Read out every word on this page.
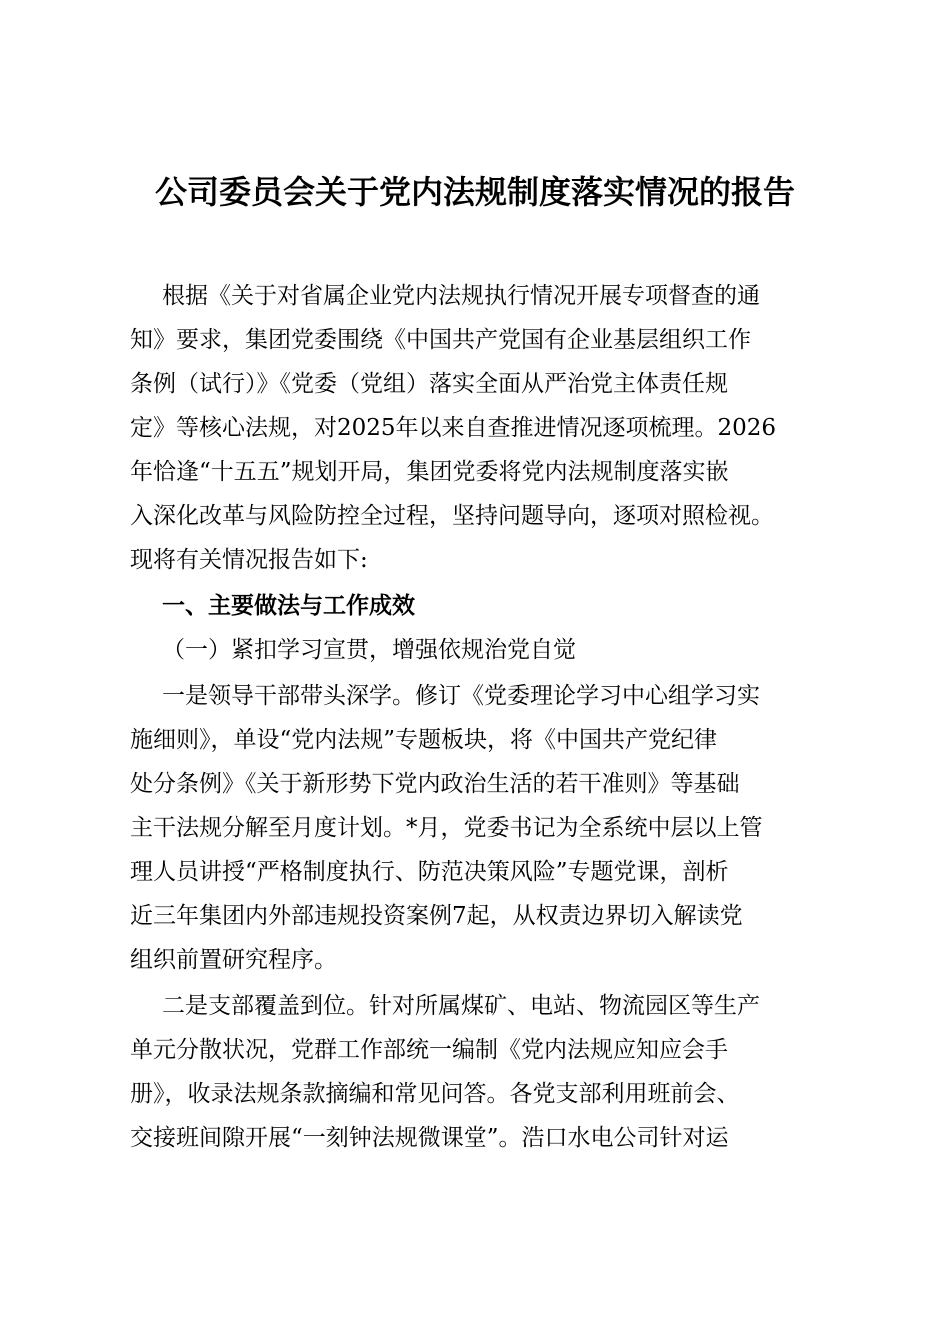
公司委员会关于党内法规制度落实情况的报告
根据《关于对省属企业党内法规执行情况开展专项督查的通
知》要求，集团党委围绕《中国共产党国有企业基层组织工作
条例（试行）》《党委（党组）落实全面从严治党主体责任规
定》等核心法规，对2025年以来自查推进情况逐项梳理。2026
年恰逢“十五五”规划开局，集团党委将党内法规制度落实嵌
入深化改革与风险防控全过程，坚持问题导向，逐项对照检视。
现将有关情况报告如下:
一、主要做法与工作成效
（一）紧扣学习宣贯，增强依规治党自觉
一是领导干部带头深学。修订《党委理论学习中心组学习实
施细则》，单设“党内法规”专题板块，将《中国共产党纪律
处分条例》《关于新形势下党内政治生活的若干准则》等基础
主干法规分解至月度计划。*月，党委书记为全系统中层以上管
理人员讲授“严格制度执行、防范决策风险”专题党课，剖析
近三年集团内外部违规投资案例7起，从权责边界切入解读党
组织前置研究程序。
二是支部覆盖到位。针对所属煤矿、电站、物流园区等生产
单元分散状况，党群工作部统一编制《党内法规应知应会手
册》，收录法规条款摘编和常见问答。各党支部利用班前会、
交接班间隙开展“一刻钟法规微课堂”。浩口水电公司针对运
